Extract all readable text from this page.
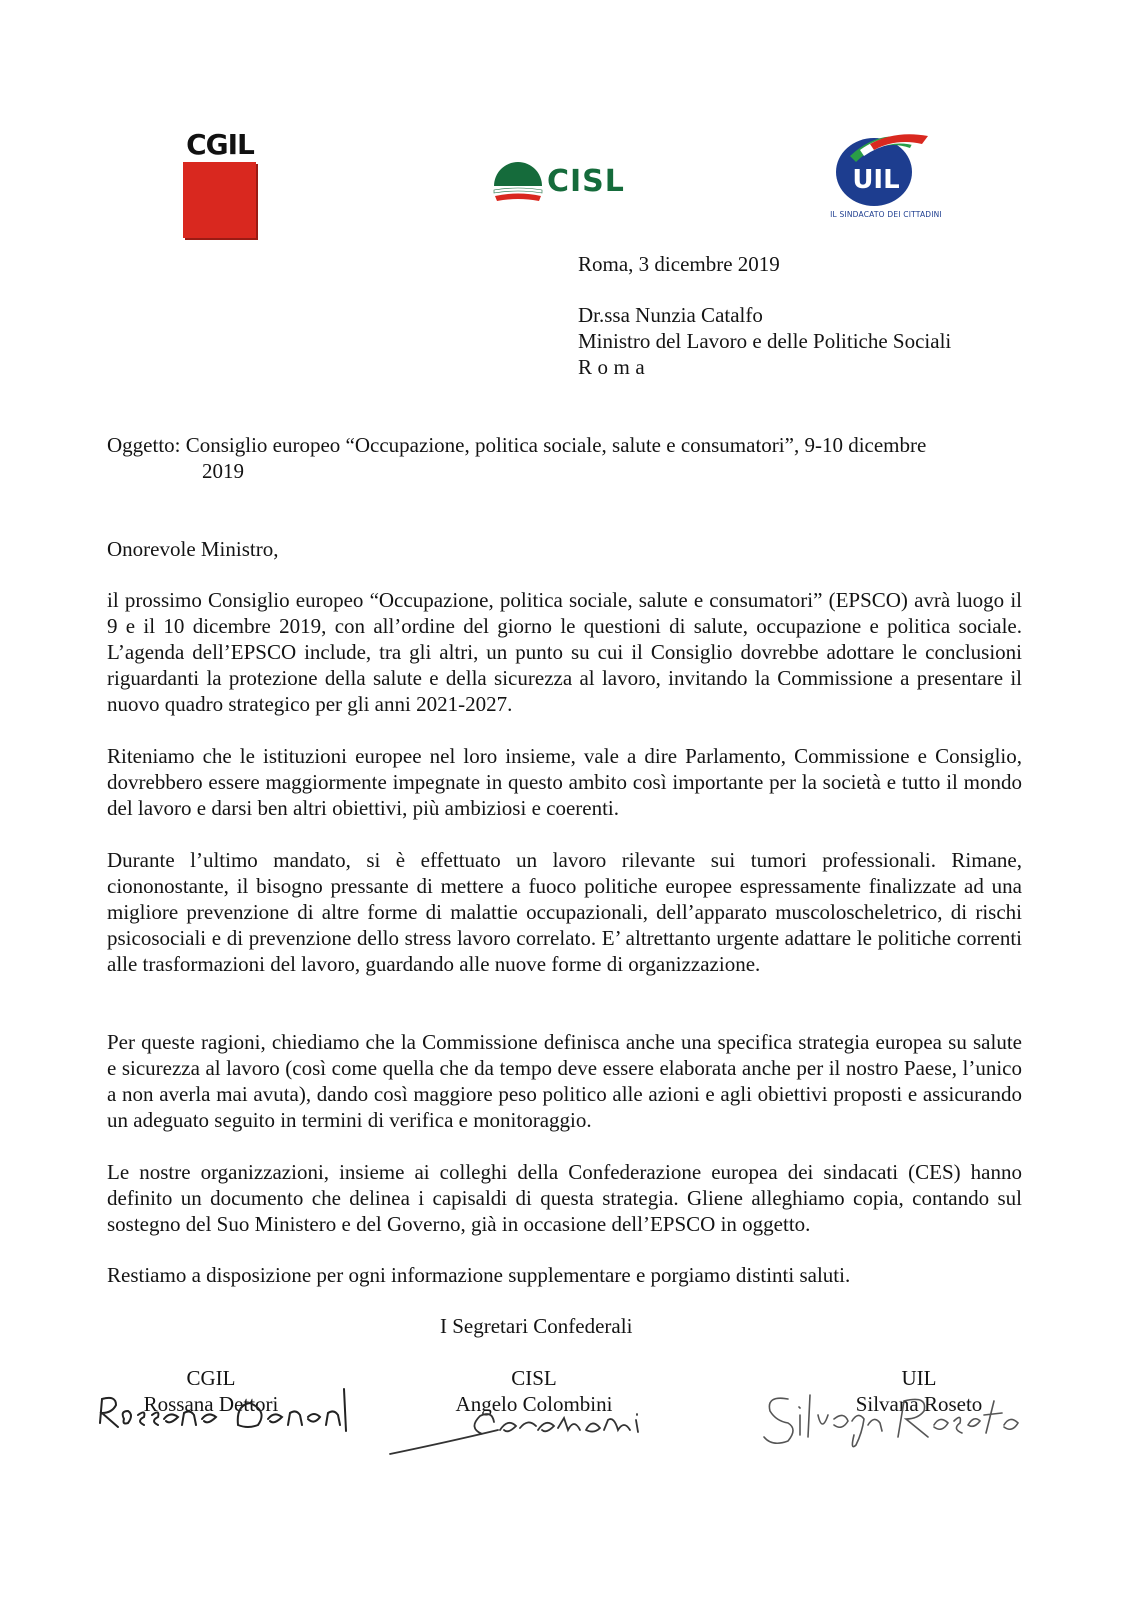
CGIL
CISL	UIL
IL SINDACATO DEI CITTADINI
Roma, 3 dicembre 2019
Dr.ssa Nunzia Catalfo
Ministro del Lavoro e delle Politiche Sociali
Roma
Oggetto: Consiglio europeo “Occupazione, politica sociale, salute e consumatori”, 9-10 dicembre
2019
Onorevole Ministro,
il prossimo Consiglio europeo “Occupazione, politica sociale, salute e consumatori” (EPSCO) avrà luogo il 9 e il 10 dicembre 2019, con all’ordine del giorno le questioni di salute, occupazione e politica sociale. L’agenda dell’EPSCO include, tra gli altri, un punto su cui il Consiglio dovrebbe adottare le conclusioni riguardanti la protezione della salute e della sicurezza al lavoro, invitando la Commissione a presentare il nuovo quadro strategico per gli anni 2021-2027.
Riteniamo che le istituzioni europee nel loro insieme, vale a dire Parlamento, Commissione e Consiglio, dovrebbero essere maggiormente impegnate in questo ambito così importante per la società e tutto il mondo del lavoro e darsi ben altri obiettivi, più ambiziosi e coerenti.
Durante l’ultimo mandato, si è effettuato un lavoro rilevante sui tumori professionali. Rimane, ciononostante, il bisogno pressante di mettere a fuoco politiche europee espressamente finalizzate ad una migliore prevenzione di altre forme di malattie occupazionali, dell’apparato muscoloscheletrico, di rischi psicosociali e di prevenzione dello stress lavoro correlato. E’ altrettanto urgente adattare le politiche correnti alle trasformazioni del lavoro, guardando alle nuove forme di organizzazione.
Per queste ragioni, chiediamo che la Commissione definisca anche una specifica strategia europea su salute e sicurezza al lavoro (così come quella che da tempo deve essere elaborata anche per il nostro Paese, l’unico a non averla mai avuta), dando così maggiore peso politico alle azioni e agli obiettivi proposti e assicurando un adeguato seguito in termini di verifica e monitoraggio.
Le nostre organizzazioni, insieme ai colleghi della Confederazione europea dei sindacati (CES) hanno definito un documento che delinea i capisaldi di questa strategia. Gliene alleghiamo copia, contando sul sostegno del Suo Ministero e del Governo, già in occasione dell’EPSCO in oggetto.
Restiamo a disposizione per ogni informazione supplementare e porgiamo distinti saluti.
I Segretari Confederali
CGIL
Rossana Dettori
CISL
Angelo Colombini
UIL
Silvana Roseto
